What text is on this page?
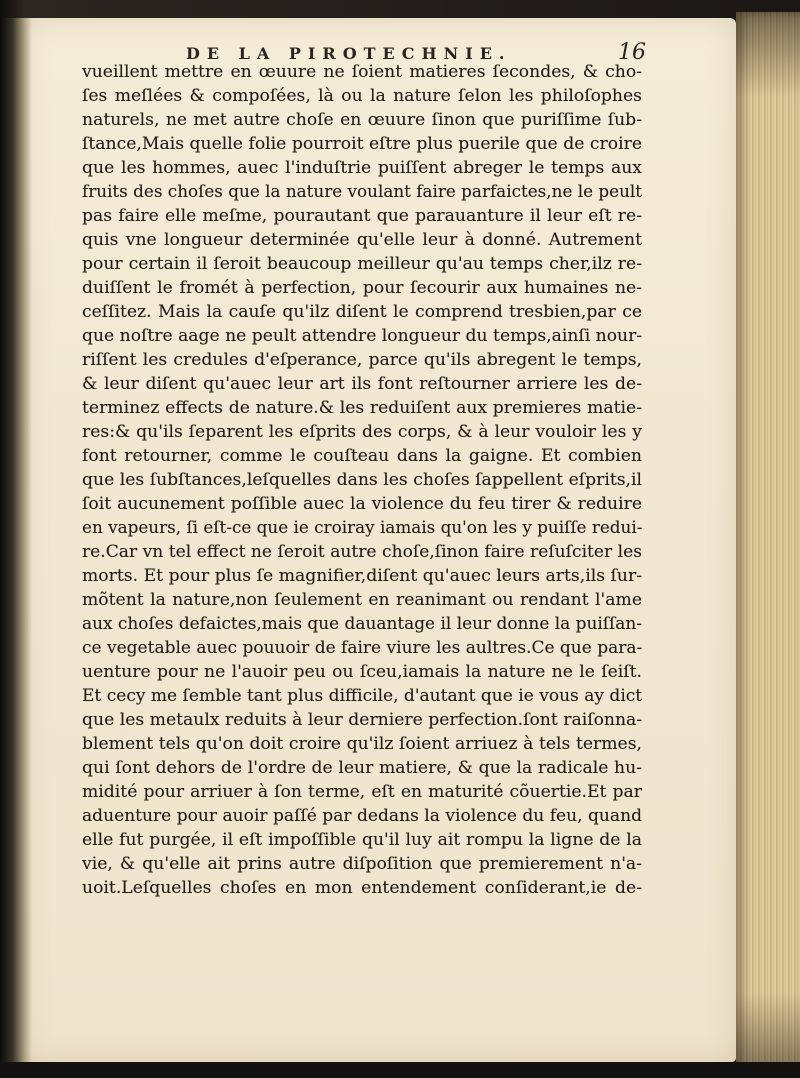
DE LA PIROTECHNIE.	16
vueillent mettre en œuure ne ſoient matieres ſecondes, & cho-
ſes meſlées & compoſées, là ou la nature ſelon les philoſophes
naturels, ne met autre choſe en œuure ſinon que puriſſime ſub-
ſtance,Mais quelle folie pourroit eſtre plus puerile que de croire
que les hommes, auec l'induſtrie puiſſent abreger le temps aux
fruits des choſes que la nature voulant faire parfaictes,ne le peult
pas faire elle meſme, pourautant que parauanture il leur eſt re-
quis vne longueur determinée qu'elle leur à donné. Autrement
pour certain il ſeroit beaucoup meilleur qu'au temps cher,ilz re-
duiſſent le fromét à perfection, pour ſecourir aux humaines ne-
ceſſitez. Mais la cauſe qu'ilz diſent le comprend tresbien,par ce
que noſtre aage ne peult attendre longueur du temps,ainſi nour-
riſſent les credules d'eſperance, parce qu'ils abregent le temps,
& leur diſent qu'auec leur art ils font reſtourner arriere les de-
terminez effects de nature.& les reduiſent aux premieres matie-
res:& qu'ils ſeparent les eſprits des corps, & à leur vouloir les y
font retourner, comme le couſteau dans la gaigne. Et combien
que les ſubſtances,leſquelles dans les choſes ſappellent eſprits,il
ſoit aucunement poſſible auec la violence du feu tirer & reduire
en vapeurs, ſi eſt-ce que ie croiray iamais qu'on les y puiſſe redui-
re.Car vn tel effect ne ſeroit autre choſe,ſinon faire reſuſciter les
morts. Et pour plus ſe magnifier,diſent qu'auec leurs arts,ils ſur-
mõtent la nature,non ſeulement en reanimant ou rendant l'ame
aux choſes defaictes,mais que dauantage il leur donne la puiſſan-
ce vegetable auec pouuoir de faire viure les aultres.Ce que para-
uenture pour ne l'auoir peu ou ſceu,iamais la nature ne le ſeiſt.
Et cecy me ſemble tant plus difficile, d'autant que ie vous ay dict
que les metaulx reduits à leur derniere perfection.ſont raiſonna-
blement tels qu'on doit croire qu'ilz ſoient arriuez à tels termes,
qui ſont dehors de l'ordre de leur matiere, & que la radicale hu-
midité pour arriuer à ſon terme, eſt en maturité cõuertie.Et par
aduenture pour auoir paſſé par dedans la violence du feu, quand
elle fut purgée, il eſt impoſſible qu'il luy ait rompu la ligne de la
vie, & qu'elle ait prins autre diſpoſition que premierement n'a-
uoit.Leſquelles choſes en mon entendement conſiderant,ie de-
